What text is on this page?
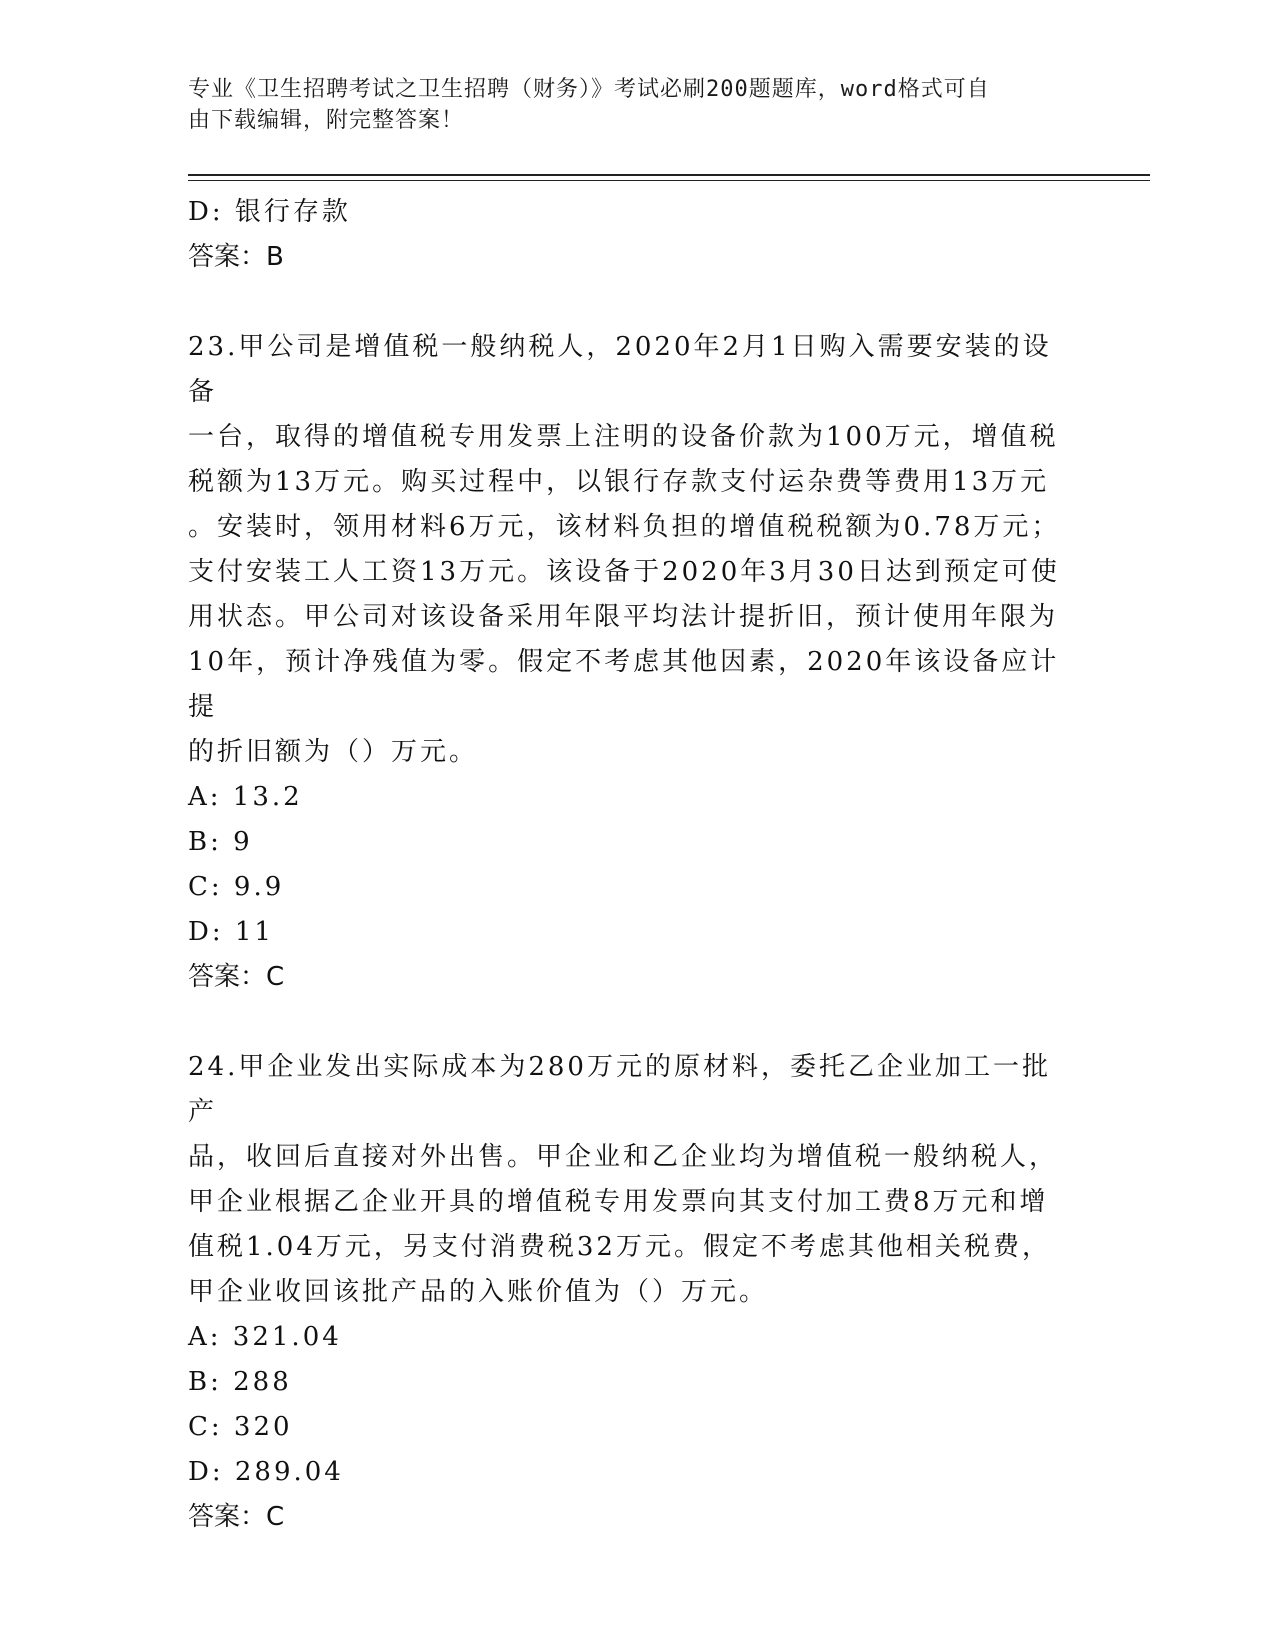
专业《卫生招聘考试之卫生招聘（财务）》考试必刷200题题库，word格式可自
由下载编辑，附完整答案！
D: 银行存款
答案：B
23.甲公司是增值税一般纳税人，2020年2月1日购入需要安装的设备
一台，取得的增值税专用发票上注明的设备价款为100万元，增值税
税额为13万元。购买过程中，以银行存款支付运杂费等费用13万元
。安装时，领用材料6万元，该材料负担的增值税税额为0.78万元；
支付安装工人工资13万元。该设备于2020年3月30日达到预定可使
用状态。甲公司对该设备采用年限平均法计提折旧，预计使用年限为
10年，预计净残值为零。假定不考虑其他因素，2020年该设备应计提
的折旧额为（）万元。
A: 13.2
B: 9
C: 9.9
D: 11
答案：C
24.甲企业发出实际成本为280万元的原材料，委托乙企业加工一批产
品，收回后直接对外出售。甲企业和乙企业均为增值税一般纳税人，
甲企业根据乙企业开具的增值税专用发票向其支付加工费8万元和增
值税1.04万元，另支付消费税32万元。假定不考虑其他相关税费，
甲企业收回该批产品的入账价值为（）万元。
A: 321.04
B: 288
C: 320
D: 289.04
答案：C
